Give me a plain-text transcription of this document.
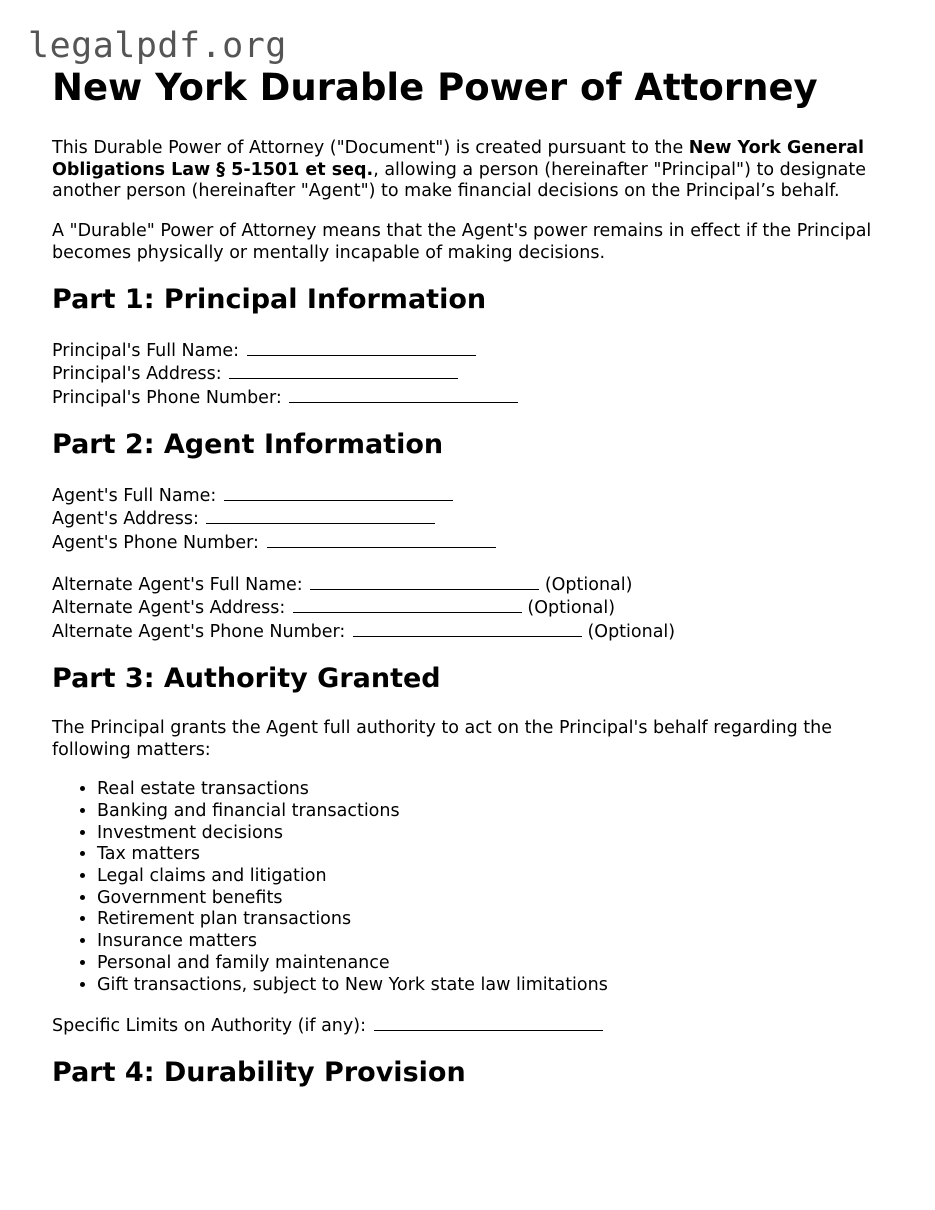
legalpdf.org
New York Durable Power of Attorney

This Durable Power of Attorney ("Document") is created pursuant to the New York General Obligations Law § 5-1501 et seq., allowing a person (hereinafter "Principal") to designate another person (hereinafter "Agent") to make financial decisions on the Principal’s behalf.

A "Durable" Power of Attorney means that the Agent's power remains in effect if the Principal becomes physically or mentally incapable of making decisions.

Part 1: Principal Information
Principal's Full Name:
Principal's Address:
Principal's Phone Number:
Part 2: Agent Information
Agent's Full Name:
Agent's Address:
Agent's Phone Number:
Alternate Agent's Full Name:	(Optional)
Alternate Agent's Address:	(Optional)
Alternate Agent's Phone Number:	(Optional)
Part 3: Authority Granted

The Principal grants the Agent full authority to act on the Principal's behalf regarding the following matters:

• Real estate transactions
• Banking and financial transactions
• Investment decisions
• Tax matters
• Legal claims and litigation
• Government benefits
• Retirement plan transactions
• Insurance matters
• Personal and family maintenance
• Gift transactions, subject to New York state law limitations
Specific Limits on Authority (if any):
Part 4: Durability Provision
